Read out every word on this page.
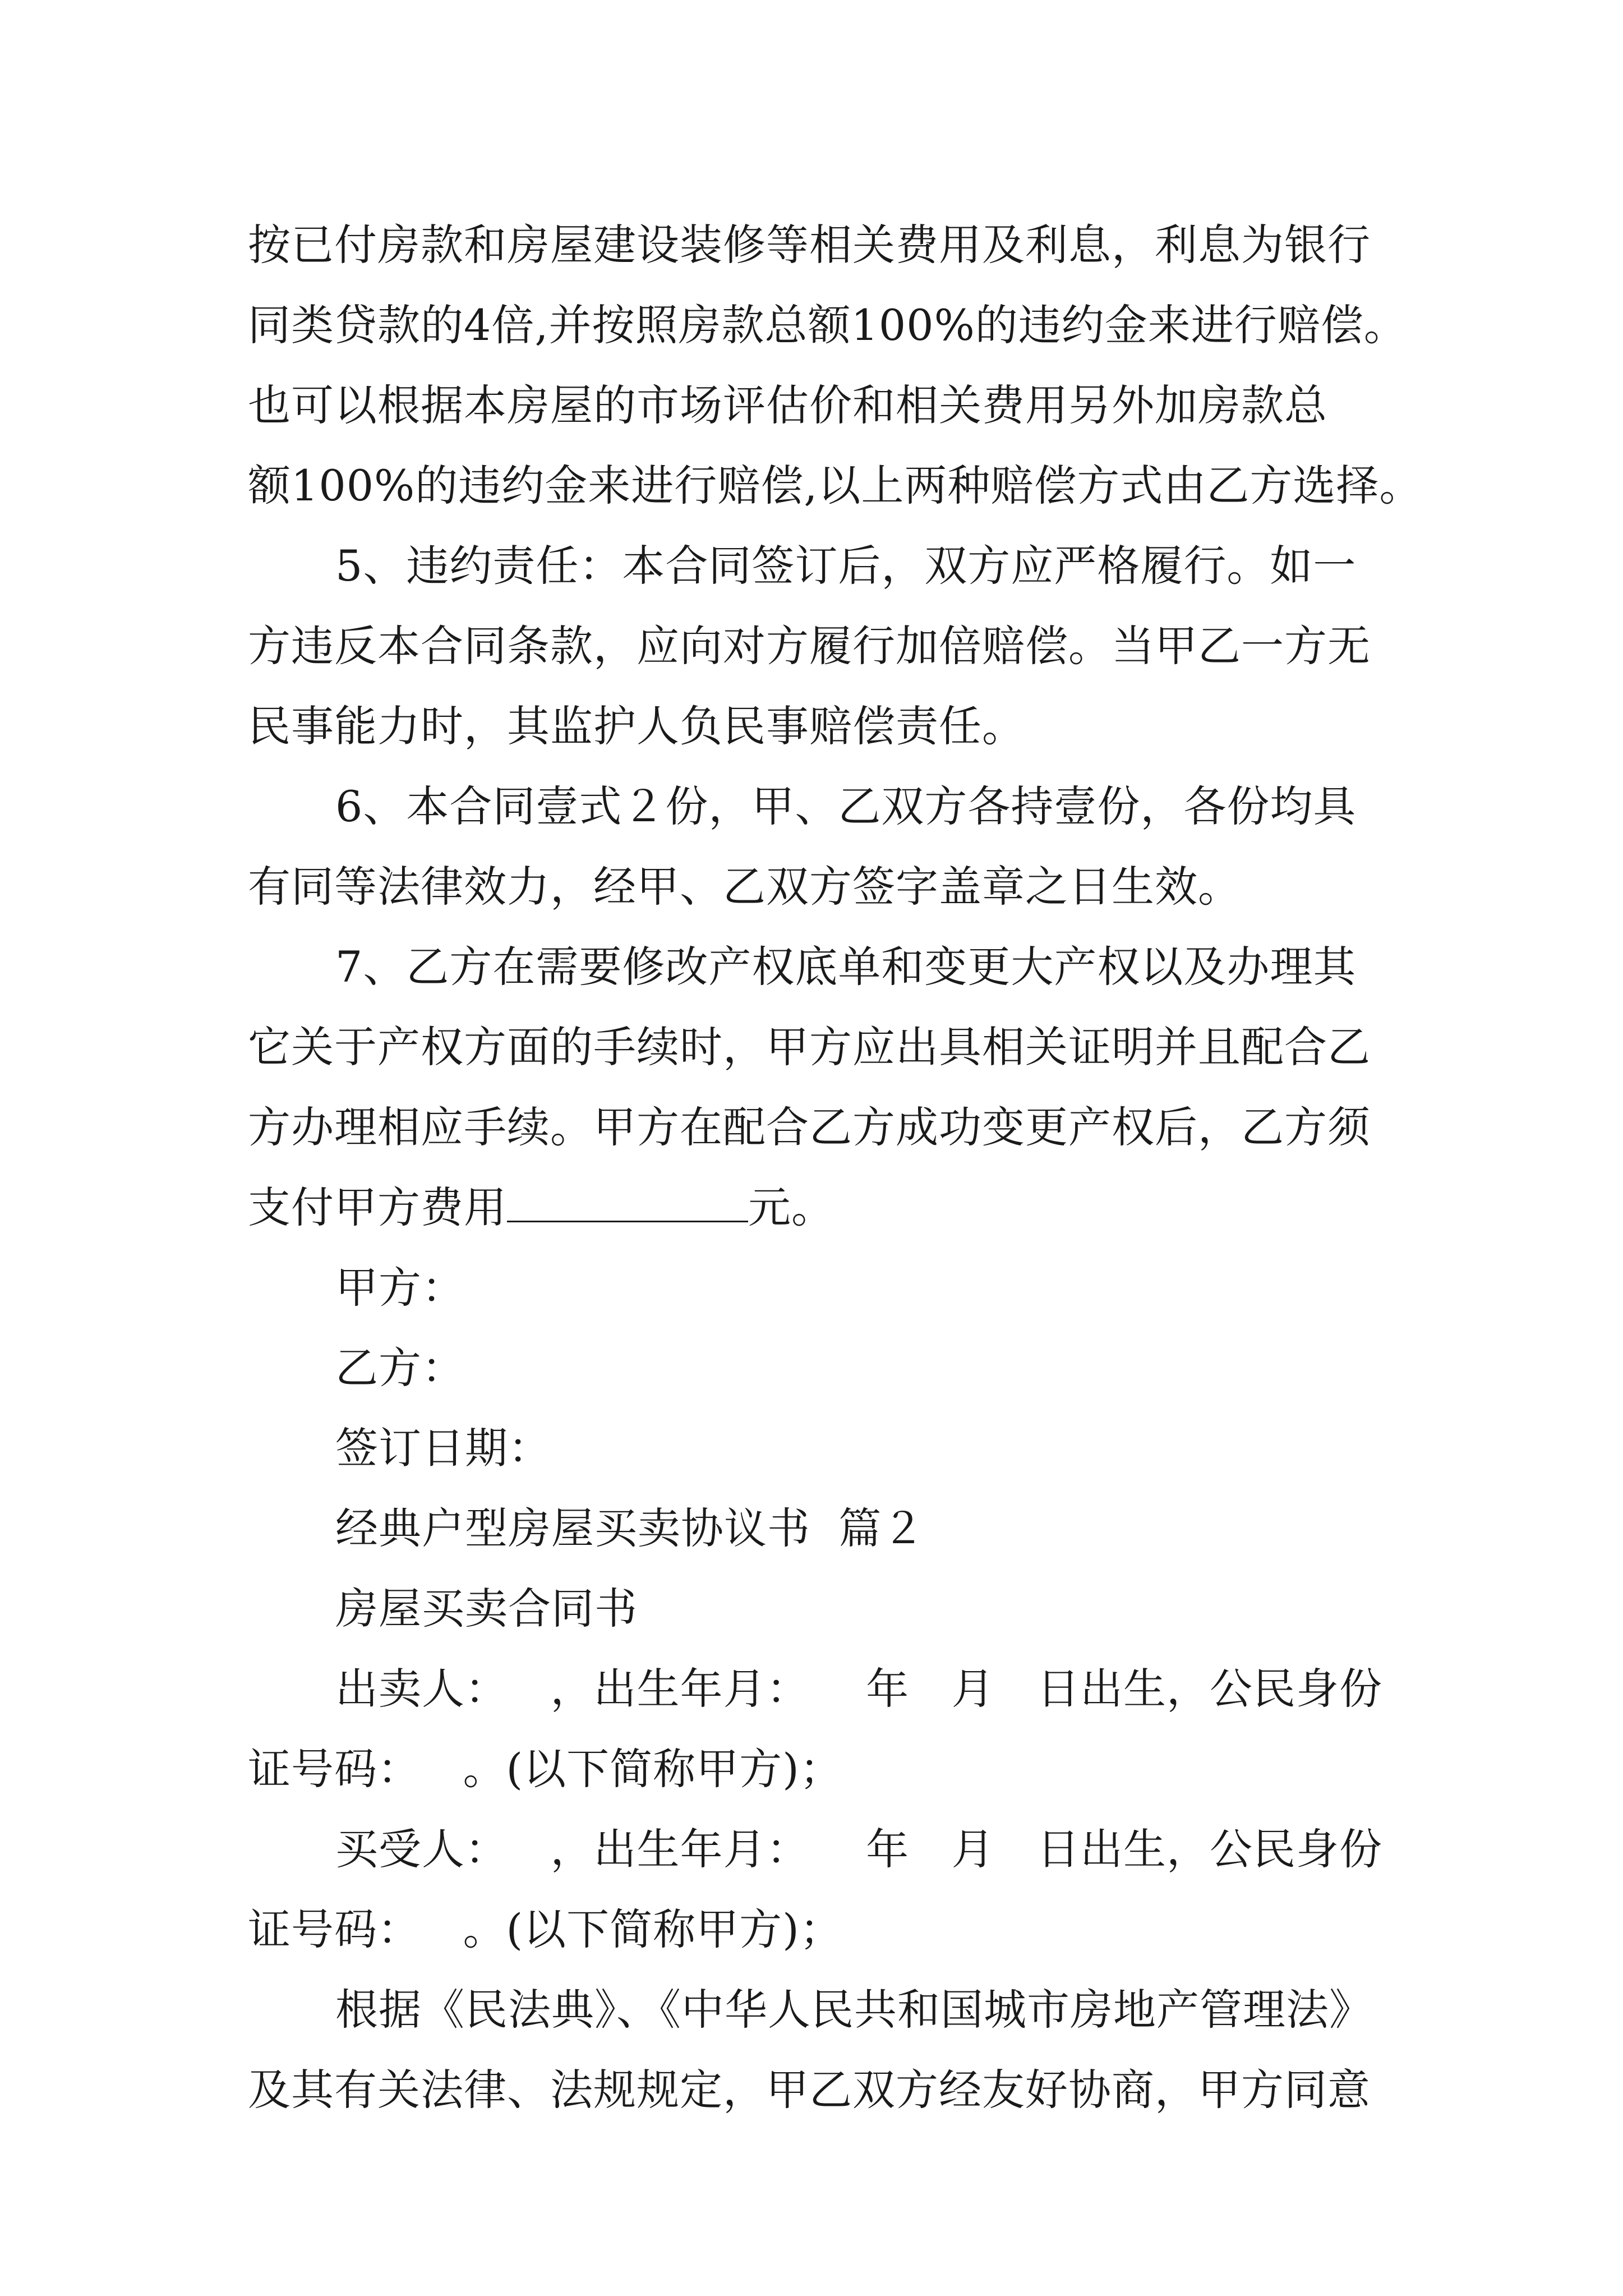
按已付房款和房屋建设装修等相关费用及利息，利息为银行
同类贷款的4倍,并按照房款总额100%的违约金来进行赔偿。
也可以根据本房屋的市场评估价和相关费用另外加房款总
额100%的违约金来进行赔偿,以上两种赔偿方式由乙方选择。
5、违约责任：本合同签订后，双方应严格履行。如一
方违反本合同条款，应向对方履行加倍赔偿。当甲乙一方无
民事能力时，其监护人负民事赔偿责任。
6、本合同壹式２份，甲、乙双方各持壹份，各份均具
有同等法律效力，经甲、乙双方签字盖章之日生效。
7、乙方在需要修改产权底单和变更大产权以及办理其
它关于产权方面的手续时，甲方应出具相关证明并且配合乙
方办理相应手续。甲方在配合乙方成功变更产权后，乙方须
支付甲方费用	元。
甲方：
乙方：
签订日期：
经典户型房屋买卖协议书  篇２
房屋买卖合同书
出卖人：   ，出生年月：    年   月   日出生，公民身份
证号码：   。(以下简称甲方)；
买受人：   ，出生年月：    年   月   日出生，公民身份
证号码：   。(以下简称甲方)；
根据《民法典》、《中华人民共和国城市房地产管理法》
及其有关法律、法规规定，甲乙双方经友好协商，甲方同意
